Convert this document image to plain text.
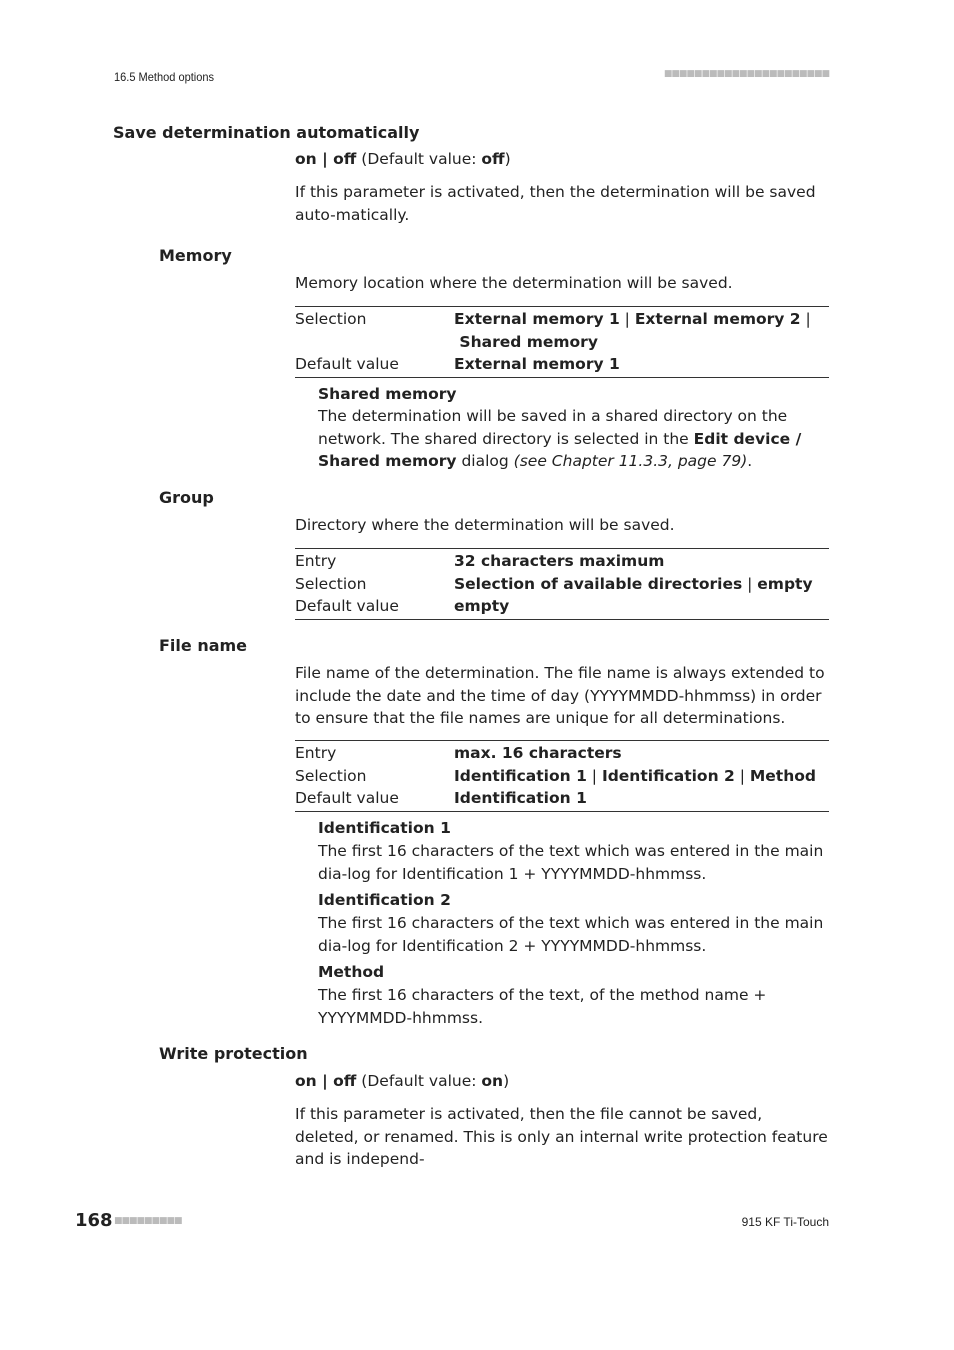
16.5 Method options	■■■■■■■■■■■■■■■■■■■■■■
Save determination automatically
on | off (Default value: off)
If this parameter is activated, then the determination will be saved auto-matically.
Memory
Memory location where the determination will be saved.
Selection	External memory 1 | External memory 2 |
Shared memory
Default value	External memory 1
Shared memory
The determination will be saved in a shared directory on the network. The shared directory is selected in the Edit device / Shared memory dialog (see Chapter 11.3.3, page 79).
Group
Directory where the determination will be saved.
Entry	32 characters maximum
Selection	Selection of available directories | empty
Default value	empty
File name
File name of the determination. The file name is always extended to include the date and the time of day (YYYYMMDD-hhmmss) in order to ensure that the file names are unique for all determinations.
Entry	max. 16 characters
Selection	Identification 1 | Identification 2 | Method
Default value	Identification 1
Identification 1
The first 16 characters of the text which was entered in the main dia-log for Identification 1 + YYYYMMDD-hhmmss.
Identification 2
The first 16 characters of the text which was entered in the main dia-log for Identification 2 + YYYYMMDD-hhmmss.
Method
The first 16 characters of the text, of the method name + YYYYMMDD-hhmmss.
Write protection
on | off (Default value: on)
If this parameter is activated, then the file cannot be saved, deleted, or renamed. This is only an internal write protection feature and is independ-
168 ■■■■■■■■■	915 KF Ti-Touch
